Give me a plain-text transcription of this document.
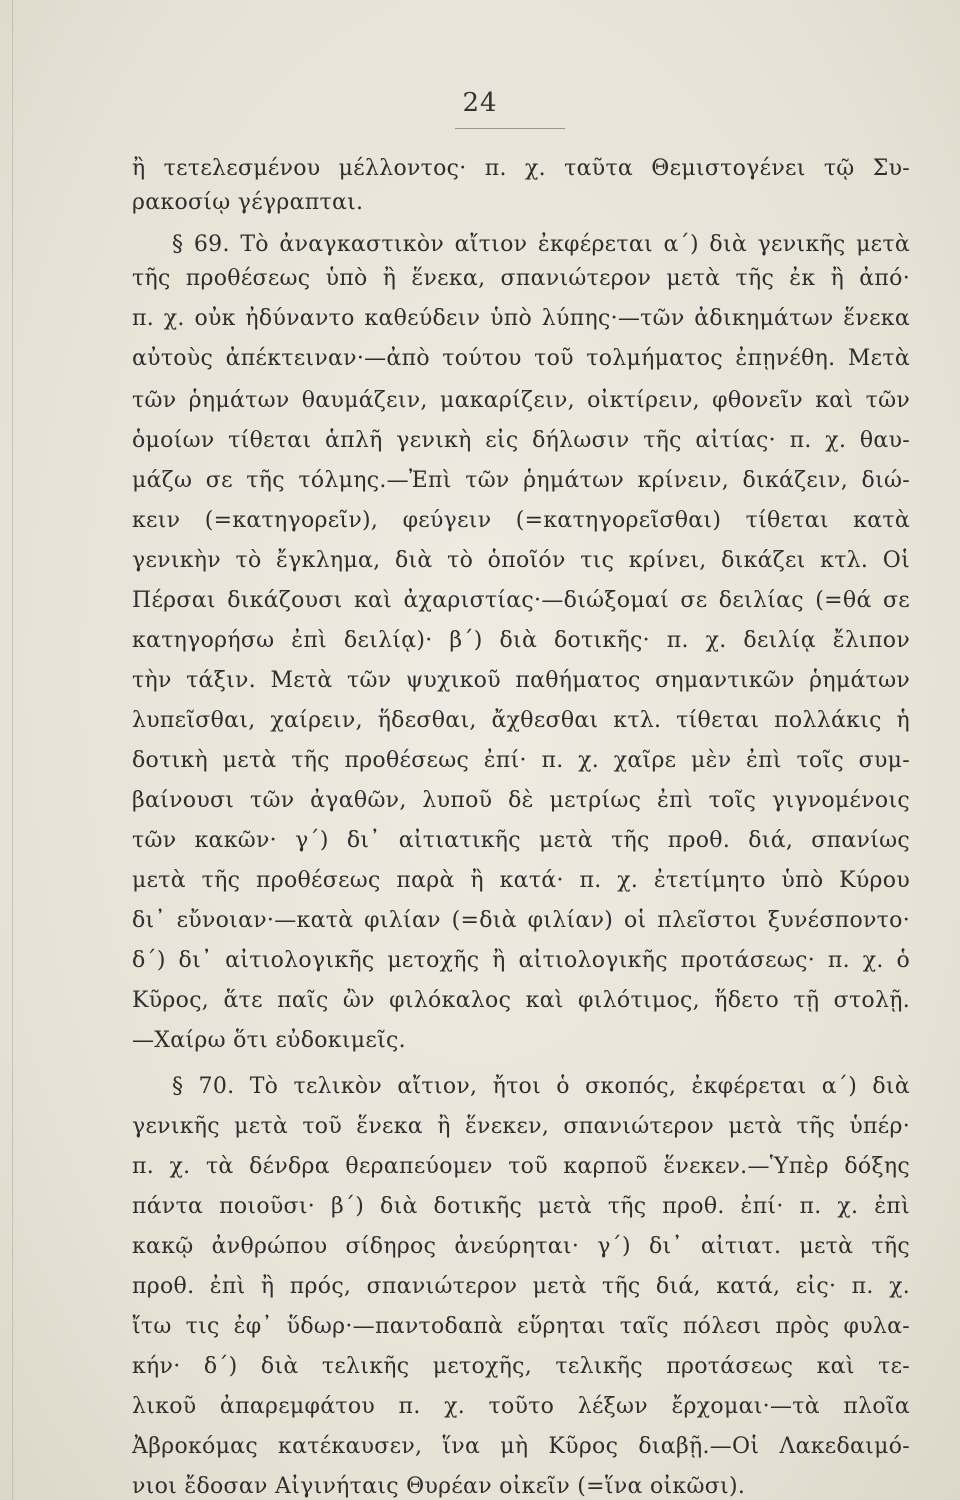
24
ἢ τετελεσμένου μέλλοντος· π. χ. ταῦτα Θεμιστογένει τῷ Συ-
ρακοσίῳ γέγραπται.
§ 69. Τὸ ἀναγκαστικὸν αἴτιον ἐκφέρεται α΄) διὰ γενικῆς μετὰ
τῆς προθέσεως ὑπὸ ἢ ἕνεκα, σπανιώτερον μετὰ τῆς ἐκ ἢ ἀπό·
π. χ. οὐκ ἠδύναντο καθεύδειν ὑπὸ λύπης·—τῶν ἀδικημάτων ἕνεκα
αὐτοὺς ἀπέκτειναν·—ἀπὸ τούτου τοῦ τολμήματος ἐπῃνέθη. Μετὰ
τῶν ῥημάτων θαυμάζειν, μακαρίζειν, οἰκτίρειν, φθονεῖν καὶ τῶν
ὁμοίων τίθεται ἁπλῆ γενικὴ εἰς δήλωσιν τῆς αἰτίας· π. χ. θαυ-
μάζω σε τῆς τόλμης.—Ἐπὶ τῶν ῥημάτων κρίνειν, δικάζειν, διώ-
κειν (=κατηγορεῖν), φεύγειν (=κατηγορεῖσθαι) τίθεται κατὰ
γενικὴν τὸ ἔγκλημα, διὰ τὸ ὁποῖόν τις κρίνει, δικάζει κτλ. Οἱ
Πέρσαι δικάζουσι καὶ ἀχαριστίας·—διώξομαί σε δειλίας (=θά σε
κατηγορήσω ἐπὶ δειλίᾳ)· β΄) διὰ δοτικῆς· π. χ. δειλίᾳ ἔλιπον
τὴν τάξιν. Μετὰ τῶν ψυχικοῦ παθήματος σημαντικῶν ῥημάτων
λυπεῖσθαι, χαίρειν, ἥδεσθαι, ἄχθεσθαι κτλ. τίθεται πολλάκις ἡ
δοτικὴ μετὰ τῆς προθέσεως ἐπί· π. χ. χαῖρε μὲν ἐπὶ τοῖς συμ-
βαίνουσι τῶν ἀγαθῶν, λυποῦ δὲ μετρίως ἐπὶ τοῖς γιγνομένοις
τῶν κακῶν· γ΄) δι᾽ αἰτιατικῆς μετὰ τῆς προθ. διά, σπανίως
μετὰ τῆς προθέσεως παρὰ ἢ κατά· π. χ. ἐτετίμητο ὑπὸ Κύρου
δι᾽ εὔνοιαν·—κατὰ φιλίαν (=διὰ φιλίαν) οἱ πλεῖστοι ξυνέσποντο·
δ΄) δι᾽ αἰτιολογικῆς μετοχῆς ἢ αἰτιολογικῆς προτάσεως· π. χ. ὁ
Κῦρος, ἅτε παῖς ὢν φιλόκαλος καὶ φιλότιμος, ἥδετο τῇ στολῇ.
—Χαίρω ὅτι εὐδοκιμεῖς.
§ 70. Τὸ τελικὸν αἴτιον, ἤτοι ὁ σκοπός, ἐκφέρεται α΄) διὰ
γενικῆς μετὰ τοῦ ἕνεκα ἢ ἕνεκεν, σπανιώτερον μετὰ τῆς ὑπέρ·
π. χ. τὰ δένδρα θεραπεύομεν τοῦ καρποῦ ἕνεκεν.—Ὑπὲρ δόξης
πάντα ποιοῦσι· β΄) διὰ δοτικῆς μετὰ τῆς προθ. ἐπί· π. χ. ἐπὶ
κακῷ ἀνθρώπου σίδηρος ἀνεύρηται· γ΄) δι᾽ αἰτιατ. μετὰ τῆς
προθ. ἐπὶ ἢ πρός, σπανιώτερον μετὰ τῆς διά, κατά, εἰς· π. χ.
ἴτω τις ἐφ᾽ ὕδωρ·—παντοδαπὰ εὕρηται ταῖς πόλεσι πρὸς φυλα-
κήν· δ΄) διὰ τελικῆς μετοχῆς, τελικῆς προτάσεως καὶ τε-
λικοῦ ἀπαρεμφάτου π. χ. τοῦτο λέξων ἔρχομαι·—τὰ πλοῖα
Ἀβροκόμας κατέκαυσεν, ἵνα μὴ Κῦρος διαβῇ.—Οἱ Λακεδαιμό-
νιοι ἔδοσαν Αἰγινήταις Θυρέαν οἰκεῖν (=ἵνα οἰκῶσι).
